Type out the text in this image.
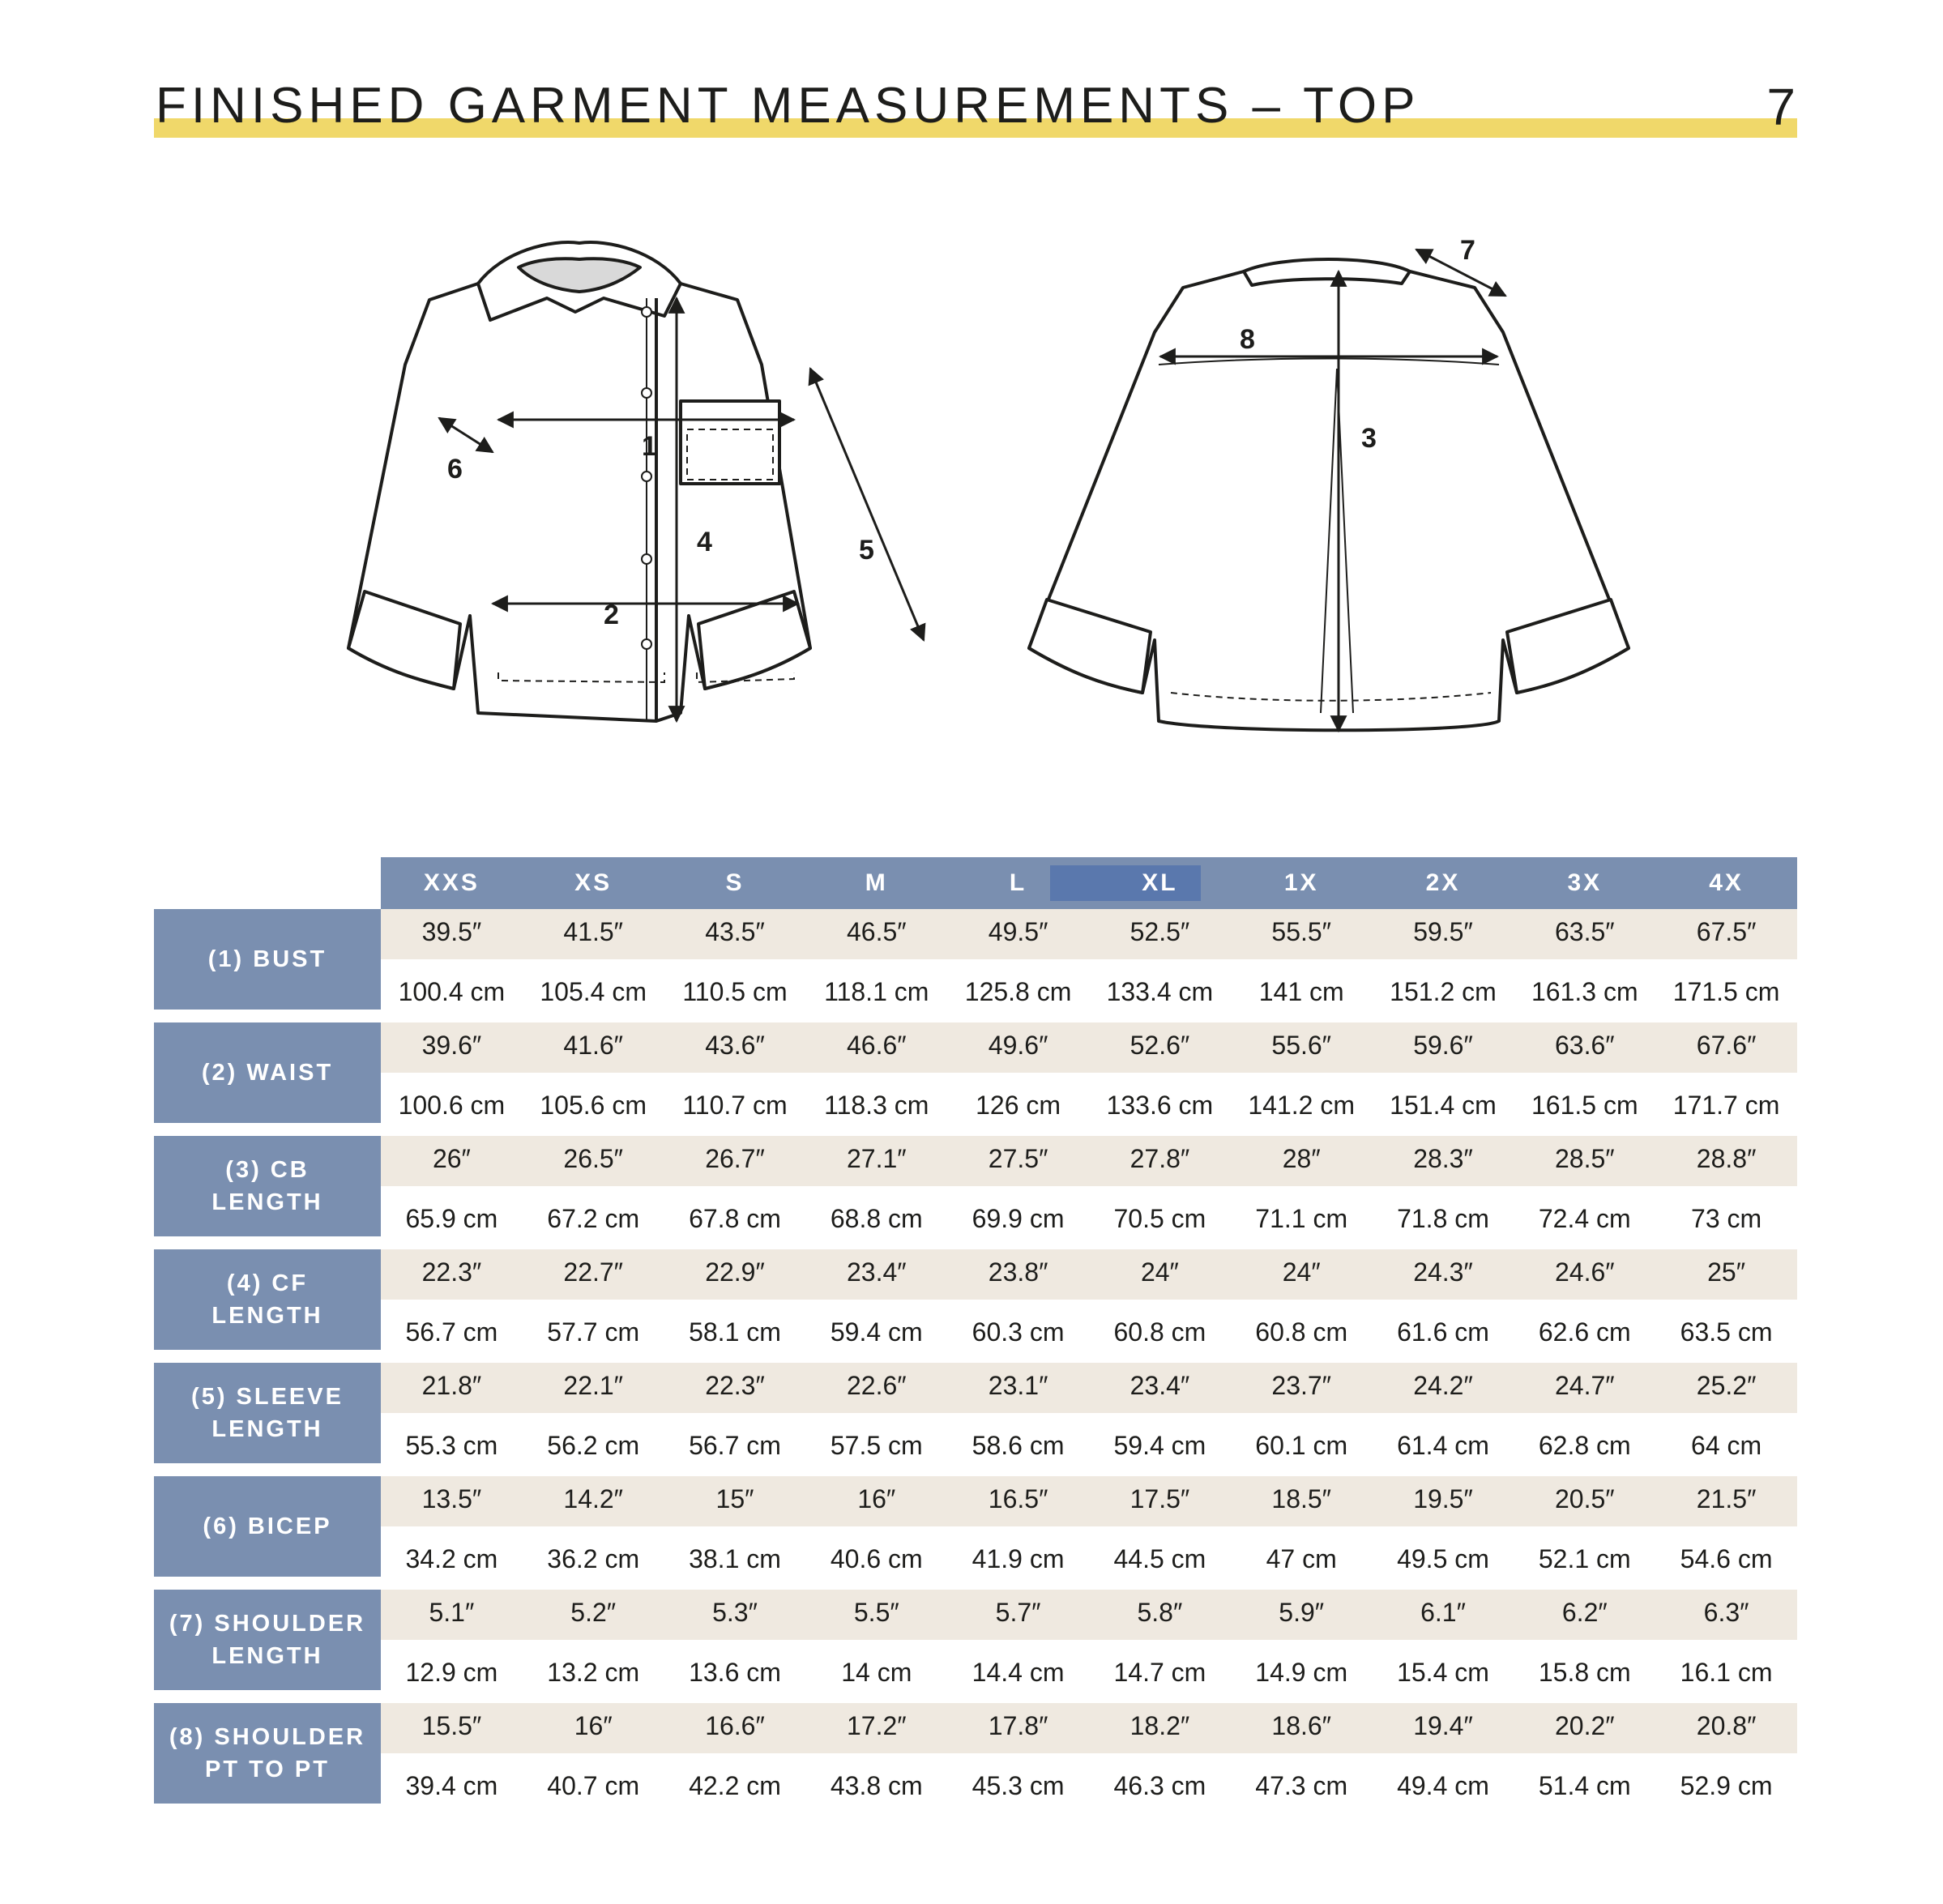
FINISHED GARMENT MEASUREMENTS – TOP	7
1
2
4	5
6
3
7
8
XXS	XS	S	M	L	XL	1X	2X	3X	4X
(1) BUST
39.5″	41.5″	43.5″	46.5″	49.5″	52.5″	55.5″	59.5″	63.5″	67.5″
100.4 cm	105.4 cm	110.5 cm	118.1 cm	125.8 cm	133.4 cm	141 cm	151.2 cm	161.3 cm	171.5 cm
(2) WAIST
39.6″	41.6″	43.6″	46.6″	49.6″	52.6″	55.6″	59.6″	63.6″	67.6″
100.6 cm	105.6 cm	110.7 cm	118.3 cm	126 cm	133.6 cm	141.2 cm	151.4 cm	161.5 cm	171.7 cm
(3) CB
LENGTH
26″	26.5″	26.7″	27.1″	27.5″	27.8″	28″	28.3″	28.5″	28.8″
65.9 cm	67.2 cm	67.8 cm	68.8 cm	69.9 cm	70.5 cm	71.1 cm	71.8 cm	72.4 cm	73 cm
(4) CF
LENGTH
22.3″	22.7″	22.9″	23.4″	23.8″	24″	24″	24.3″	24.6″	25″
56.7 cm	57.7 cm	58.1 cm	59.4 cm	60.3 cm	60.8 cm	60.8 cm	61.6 cm	62.6 cm	63.5 cm
(5) SLEEVE
LENGTH
21.8″	22.1″	22.3″	22.6″	23.1″	23.4″	23.7″	24.2″	24.7″	25.2″
55.3 cm	56.2 cm	56.7 cm	57.5 cm	58.6 cm	59.4 cm	60.1 cm	61.4 cm	62.8 cm	64 cm
(6) BICEP
13.5″	14.2″	15″	16″	16.5″	17.5″	18.5″	19.5″	20.5″	21.5″
34.2 cm	36.2 cm	38.1 cm	40.6 cm	41.9 cm	44.5 cm	47 cm	49.5 cm	52.1 cm	54.6 cm
(7) SHOULDER
LENGTH
5.1″	5.2″	5.3″	5.5″	5.7″	5.8″	5.9″	6.1″	6.2″	6.3″
12.9 cm	13.2 cm	13.6 cm	14 cm	14.4 cm	14.7 cm	14.9 cm	15.4 cm	15.8 cm	16.1 cm
(8) SHOULDER
PT TO PT
15.5″	16″	16.6″	17.2″	17.8″	18.2″	18.6″	19.4″	20.2″	20.8″
39.4 cm	40.7 cm	42.2 cm	43.8 cm	45.3 cm	46.3 cm	47.3 cm	49.4 cm	51.4 cm	52.9 cm
